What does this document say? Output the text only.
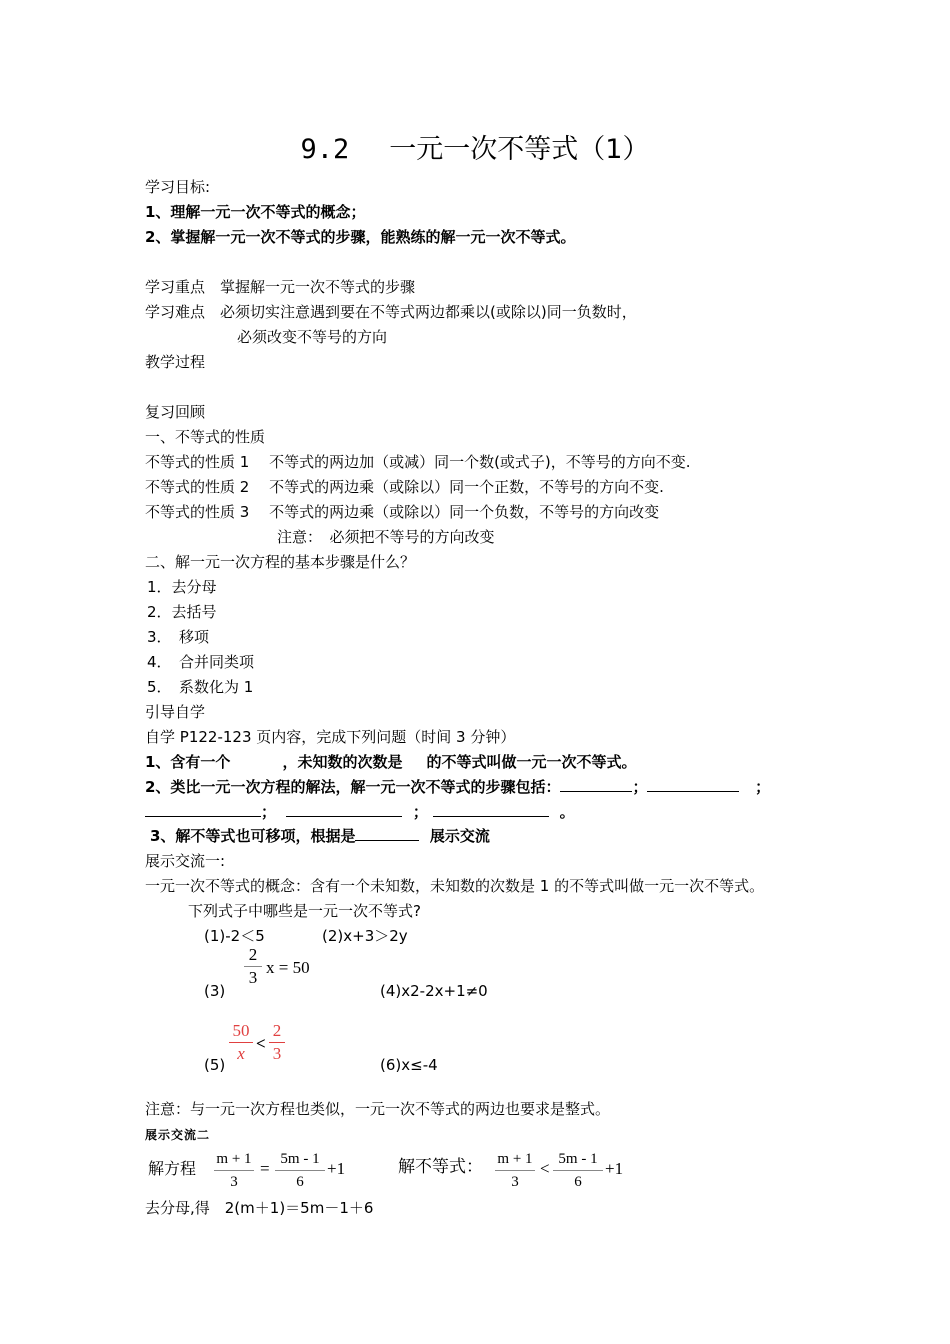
9.2 一元一次不等式（1）
学习目标:
1、理解一元一次不等式的概念；
2、掌握解一元一次不等式的步骤，能熟练的解一元一次不等式。
学习重点　掌握解一元一次不等式的步骤
学习难点　必须切实注意遇到要在不等式两边都乘以(或除以)同一负数时，
必须改变不等号的方向
教学过程
复习回顾
一、不等式的性质
不等式的性质 1　 不等式的两边加（或减）同一个数(或式子)，不等号的方向不变.
不等式的性质 2　 不等式的两边乘（或除以）同一个正数，不等号的方向不变.
不等式的性质 3　 不等式的两边乘（或除以）同一个负数，不等号的方向改变
注意：　必须把不等号的方向改变
二、解一元一次方程的基本步骤是什么？
1．去分母
2．去括号
3．　移项
4．　合并同类项
5．　系数化为 1
引导自学
自学 P122-123 页内容，完成下列问题（时间 3 分钟）
1、含有一个	，未知数的次数是 的不等式叫做一元一次不等式。
2、类比一元一次方程的解法，解一元一次不等式的步骤包括：	；	；
；	；	。
3、解不等式也可移项，根据是	展示交流
展示交流一:
一元一次不等式的概念：含有一个未知数，未知数的次数是 1 的不等式叫做一元一次不等式。
下列式子中哪些是一元一次不等式?
(1)-2＜5	(2)x+3＞2y
(3)
2
3
x = 50
(4)x2-2x+1≠0
(5)
50
x
<
2
3
(6)x≤-4
注意：与一元一次方程也类似，一元一次不等式的两边也要求是整式。
展示交流二
解方程 m + 1
3
= 5m - 1
6
+1	解不等式： m + 1
3
< 5m - 1
6
+1
去分母,得　2(m＋1)＝5m－1＋6
